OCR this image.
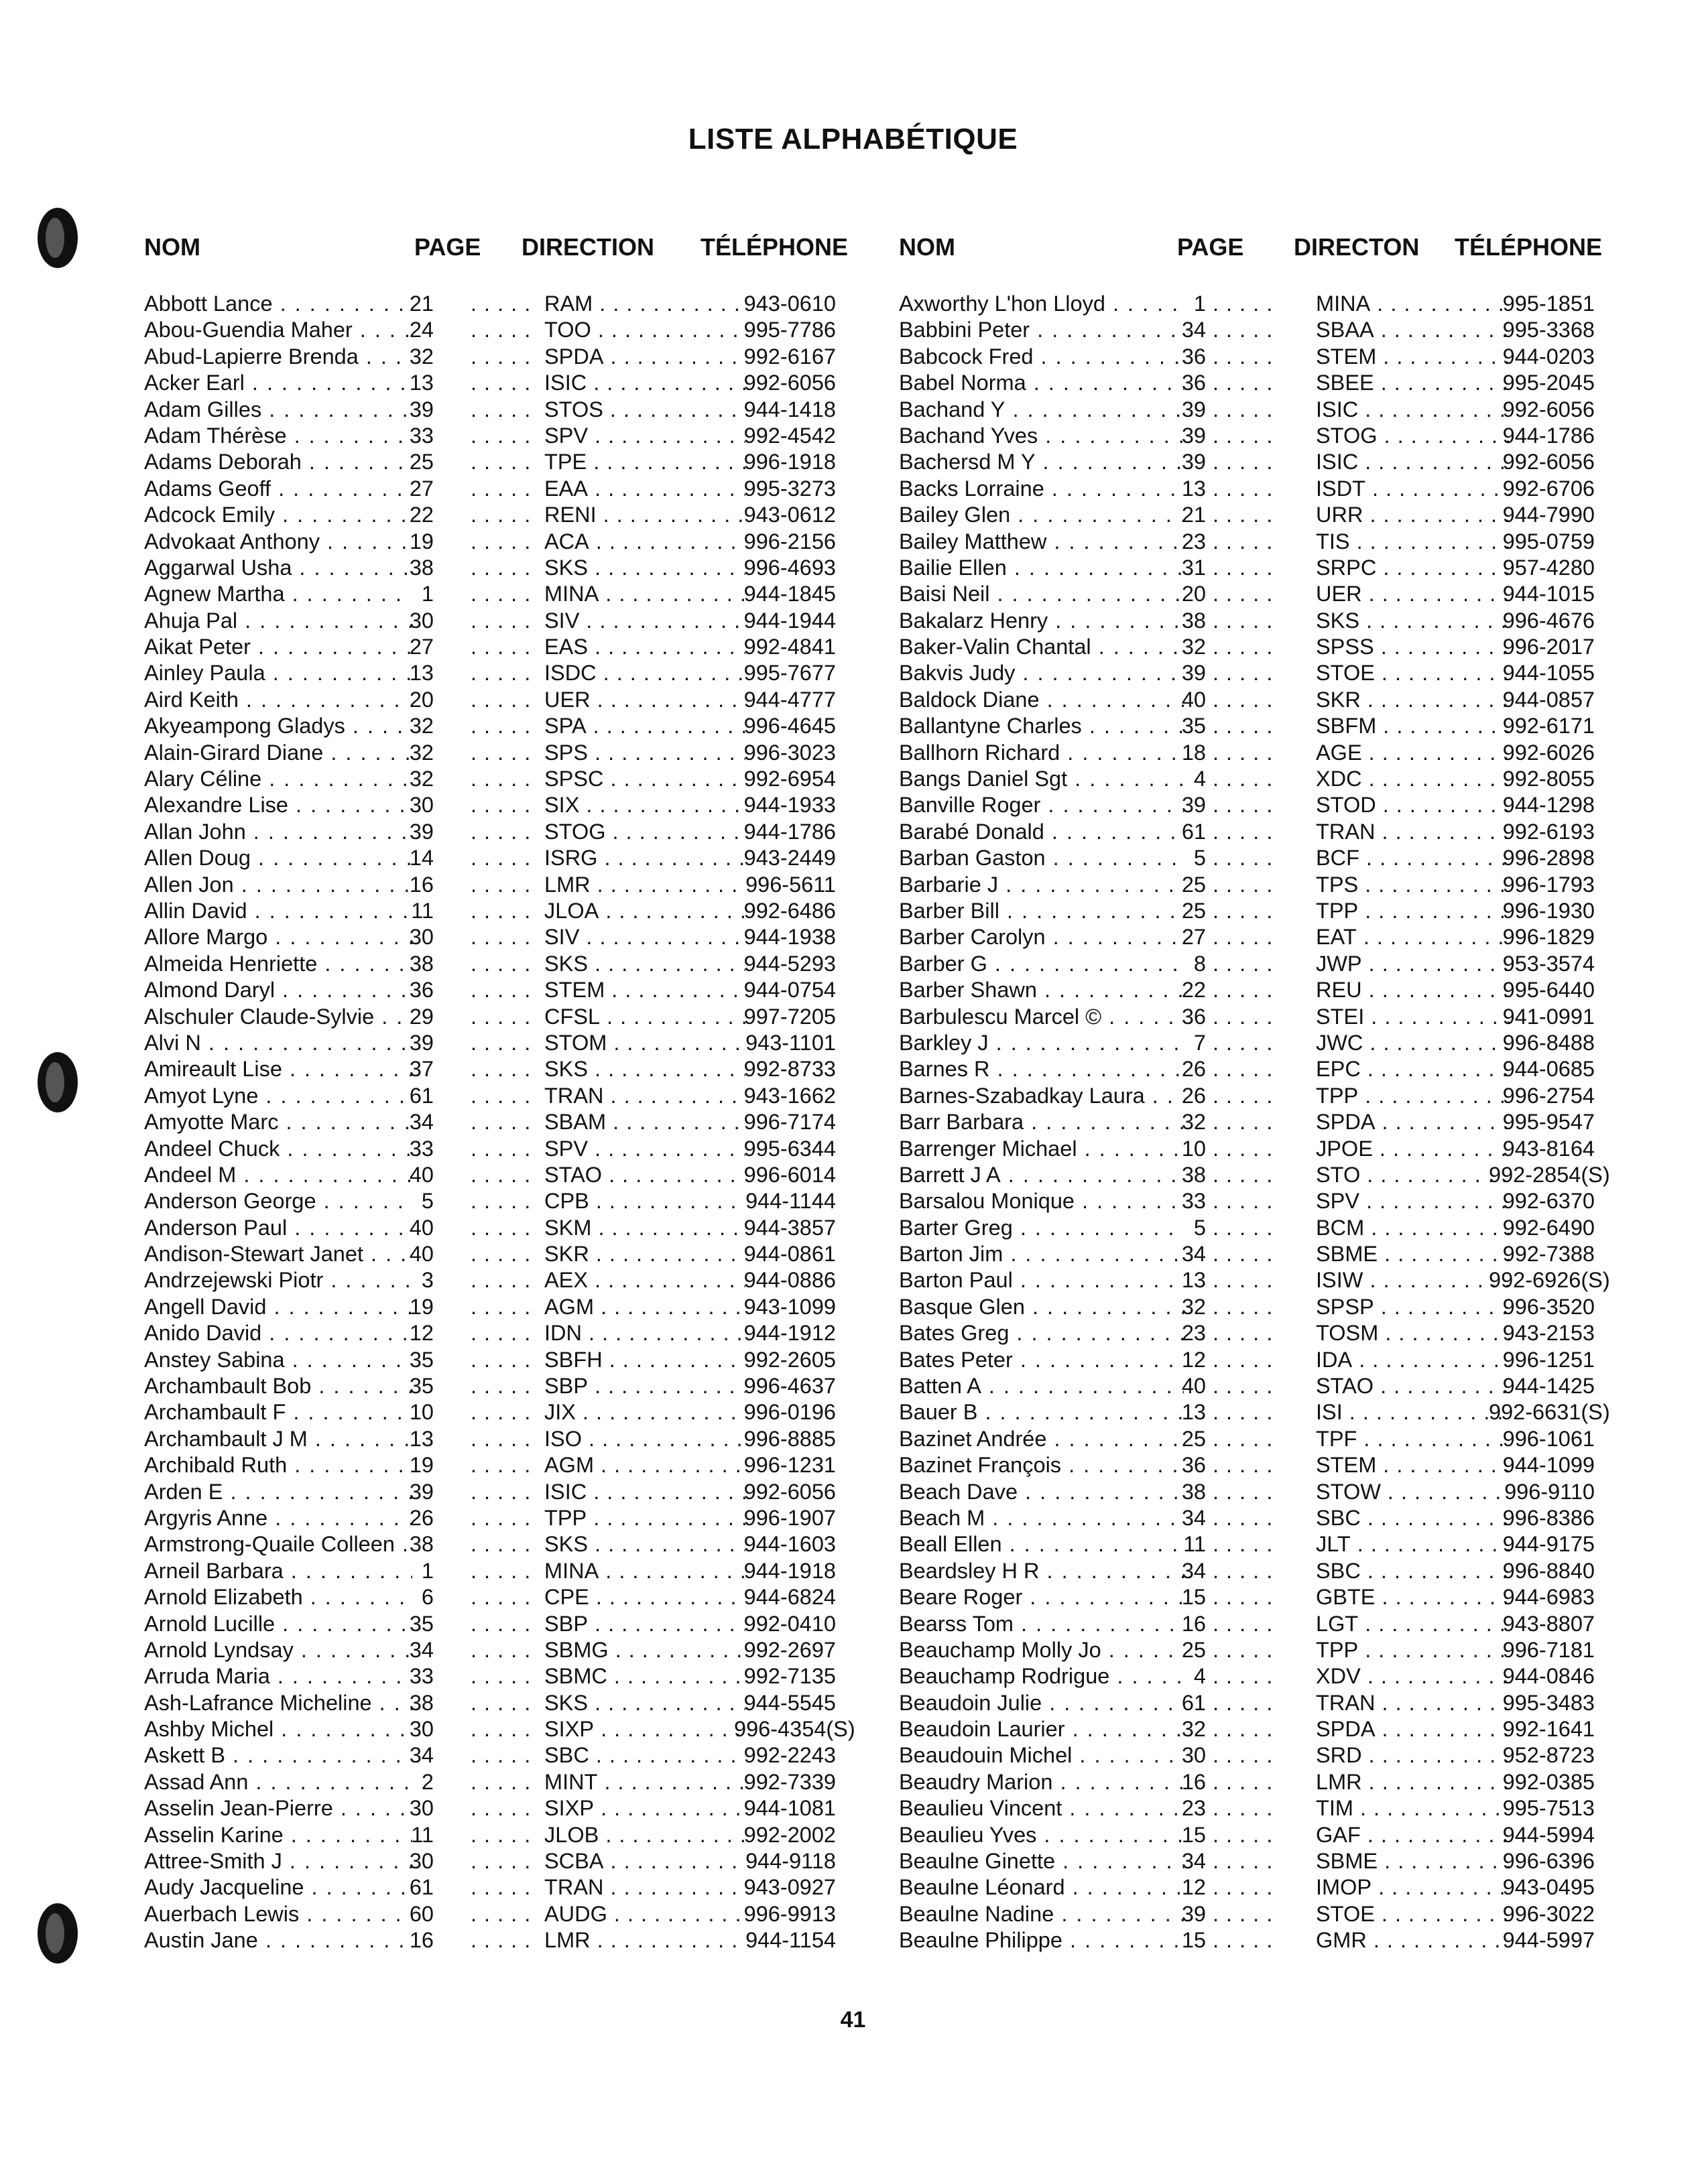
LISTE ALPHABÉTIQUE
NOM	PAGE DIRECTION TÉLÉPHONE
Abbott Lance . . .	21 . . .	RAM . . .	943-0610
Abou-Guendia Maher . . .	24 . . .	TOO . . .	995-7786
Abud-Lapierre Brenda . . .	32 . . .	SPDA . . .	992-6167
Acker Earl . . .	13 . . .	ISIC . . .	992-6056
Adam Gilles . . .	39 . . .	STOS . . .	944-1418
Adam Thérèse . . .	33 . . .	SPV . . .	992-4542
Adams Deborah . . .	25 . . .	TPE . . .	996-1918
Adams Geoff . . .	27 . . .	EAA . . .	995-3273
Adcock Emily . . .	22 . . .	RENI . . .	943-0612
Advokaat Anthony . . .	19 . . .	ACA . . .	996-2156
Aggarwal Usha . . .	38 . . .	SKS . . .	996-4693
Agnew Martha . . .	1 . . .	MINA . . .	944-1845
Ahuja Pal . . .	30 . . .	SIV . . .	944-1944
Aikat Peter . . .	27 . . .	EAS . . .	992-4841
Ainley Paula . . .	13 . . .	ISDC . . .	995-7677
Aird Keith . . .	20 . . .	UER . . .	944-4777
Akyeampong Gladys . . .	32 . . .	SPA . . .	996-4645
Alain-Girard Diane . . .	32 . . .	SPS . . .	996-3023
Alary Céline . . .	32 . . .	SPSC . . .	992-6954
Alexandre Lise . . .	30 . . .	SIX . . .	944-1933
Allan John . . .	39 . . .	STOG . . .	944-1786
Allen Doug . . .	14 . . .	ISRG . . .	943-2449
Allen Jon . . .	16 . . .	LMR . . .	996-5611
Allin David . . .	11 . . .	JLOA . . .	992-6486
Allore Margo . . .	30 . . .	SIV . . .	944-1938
Almeida Henriette . . .	38 . . .	SKS . . .	944-5293
Almond Daryl . . .	36 . . .	STEM . . .	944-0754
Alschuler Claude-Sylvie . . .	29 . . .	CFSL . . .	997-7205
Alvi N . . .	39 . . .	STOM . . .	943-1101
Amireault Lise . . .	37 . . .	SKS . . .	992-8733
Amyot Lyne . . .	61 . . .	TRAN . . .	943-1662
Amyotte Marc . . .	34 . . .	SBAM . . .	996-7174
Andeel Chuck . . .	33 . . .	SPV . . .	995-6344
Andeel M . . .	40 . . .	STAO . . .	996-6014
Anderson George . . .	5 . . .	CPB . . .	944-1144
Anderson Paul . . .	40 . . .	SKM . . .	944-3857
Andison-Stewart Janet . . .	40 . . .	SKR . . .	944-0861
Andrzejewski Piotr . . .	3 . . .	AEX . . .	944-0886
Angell David . . .	19 . . .	AGM . . .	943-1099
Anido David . . .	12 . . .	IDN . . .	944-1912
Anstey Sabina . . .	35 . . .	SBFH . . .	992-2605
Archambault Bob . . .	35 . . .	SBP . . .	996-4637
Archambault F . . .	10 . . .	JIX . . .	996-0196
Archambault J M . . .	13 . . .	ISO . . .	996-8885
Archibald Ruth . . .	19 . . .	AGM . . .	996-1231
Arden E . . .	39 . . .	ISIC . . .	992-6056
Argyris Anne . . .	26 . . .	TPP . . .	996-1907
Armstrong-Quaile Colleen . . . 38 . . .	SKS . . .	944-1603
Arneil Barbara . . .	1 . . .	MINA . . .	944-1918
Arnold Elizabeth . . .	6 . . .	CPE . . .	944-6824
Arnold Lucille . . .	35 . . .	SBP . . .	992-0410
Arnold Lyndsay . . .	34 . . .	SBMG . . .	992-2697
Arruda Maria . . .	33 . . .	SBMC . . .	992-7135
Ash-Lafrance Micheline . . .	38 . . .	SKS . . .	944-5545
Ashby Michel . . .	30 . . .	SIXP . . .	996-4354(S)
Askett B . . .	34 . . .	SBC . . .	992-2243
Assad Ann . . .	2 . . .	MINT . . .	992-7339
Asselin Jean-Pierre . . .	30 . . .	SIXP . . .	944-1081
Asselin Karine . . .	11 . . .	JLOB . . .	992-2002
Attree-Smith J . . .	30 . . .	SCBA . . .	944-9118
Audy Jacqueline . . .	61 . . .	TRAN . . .	943-0927
Auerbach Lewis . . .	60 . . .	AUDG . . .	996-9913
Austin Jane . . .	16 . . .	LMR . . .	944-1154
NOM	PAGE DIRECTON TÉLÉPHONE
Axworthy L'hon Lloyd . . .	1 . . .	MINA . . .	995-1851
Babbini Peter . . .	34 . . .	SBAA . . .	995-3368
Babcock Fred . . .	36 . . .	STEM . . .	944-0203
Babel Norma . . .	36 . . .	SBEE . . .	995-2045
Bachand Y . . .	39 . . .	ISIC . . .	992-6056
Bachand Yves . . .	39 . . .	STOG . . .	944-1786
Bachersd M Y . . .	39 . . .	ISIC . . .	992-6056
Backs Lorraine . . .	13 . . .	ISDT . . .	992-6706
Bailey Glen . . .	21 . . .	URR . . .	944-7990
Bailey Matthew . . .	23 . . .	TIS . . .	995-0759
Bailie Ellen . . .	31 . . .	SRPC . . .	957-4280
Baisi Neil . . .	20 . . .	UER . . .	944-1015
Bakalarz Henry . . .	38 . . .	SKS . . .	996-4676
Baker-Valin Chantal . . .	32 . . .	SPSS . . .	996-2017
Bakvis Judy . . .	39 . . .	STOE . . .	944-1055
Baldock Diane . . .	40 . . .	SKR . . .	944-0857
Ballantyne Charles . . .	35 . . .	SBFM . . .	992-6171
Ballhorn Richard . . .	18 . . .	AGE . . .	992-6026
Bangs Daniel Sgt . . .	4 . . .	XDC . . .	992-8055
Banville Roger . . .	39 . . .	STOD . . .	944-1298
Barabé Donald . . .	61 . . .	TRAN . . .	992-6193
Barban Gaston . . .	5 . . .	BCF . . .	996-2898
Barbarie J . . .	25 . . .	TPS . . .	996-1793
Barber Bill . . .	25 . . .	TPP . . .	996-1930
Barber Carolyn . . .	27 . . .	EAT . . .	996-1829
Barber G . . .	8 . . .	JWP . . .	953-3574
Barber Shawn . . .	22 . . .	REU . . .	995-6440
Barbulescu Marcel © . . .	36 . . .	STEI . . .	941-0991
Barkley J . . .	7 . . .	JWC . . .	996-8488
Barnes R . . .	26 . . .	EPC . . .	944-0685
Barnes-Szabadkay Laura . . .	26 . . .	TPP . . .	996-2754
Barr Barbara . . .	32 . . .	SPDA . . .	995-9547
Barrenger Michael . . .	10 . . .	JPOE . . .	943-8164
Barrett J A . . .	38 . . .	STO . . .	992-2854(S)
Barsalou Monique . . .	33 . . .	SPV . . .	992-6370
Barter Greg . . .	5 . . .	BCM . . .	992-6490
Barton Jim . . .	34 . . .	SBME . . .	992-7388
Barton Paul . . .	13 . . .	ISIW . . .	992-6926(S)
Basque Glen . . .	32 . . .	SPSP . . .	996-3520
Bates Greg . . .	23 . . .	TOSM . . .	943-2153
Bates Peter . . .	12 . . .	IDA . . .	996-1251
Batten A . . .	40 . . .	STAO . . .	944-1425
Bauer B . . .	13 . . .	ISI . . .	992-6631(S)
Bazinet Andrée . . .	25 . . .	TPF . . .	996-1061
Bazinet François . . .	36 . . .	STEM . . .	944-1099
Beach Dave . . .	38 . . .	STOW . . .	996-9110
Beach M . . .	34 . . .	SBC . . .	996-8386
Beall Ellen . . .	11 . . .	JLT . . .	944-9175
Beardsley H R . . .	34 . . .	SBC . . .	996-8840
Beare Roger . . .	15 . . .	GBTE . . .	944-6983
Bearss Tom . . .	16 . . .	LGT . . .	943-8807
Beauchamp Molly Jo . . .	25 . . .	TPP . . .	996-7181
Beauchamp Rodrigue . . .	4 . . .	XDV . . .	944-0846
Beaudoin Julie . . .	61 . . .	TRAN . . .	995-3483
Beaudoin Laurier . . .	32 . . .	SPDA . . .	992-1641
Beaudouin Michel . . .	30 . . .	SRD . . .	952-8723
Beaudry Marion . . .	16 . . .	LMR . . .	992-0385
Beaulieu Vincent . . .	23 . . .	TIM . . .	995-7513
Beaulieu Yves . . .	15 . . .	GAF . . .	944-5994
Beaulne Ginette . . .	34 . . .	SBME . . .	996-6396
Beaulne Léonard . . .	12 . . .	IMOP . . .	943-0495
Beaulne Nadine . . .	39 . . .	STOE . . .	996-3022
Beaulne Philippe . . .	15 . . .	GMR . . .	944-5997
41
